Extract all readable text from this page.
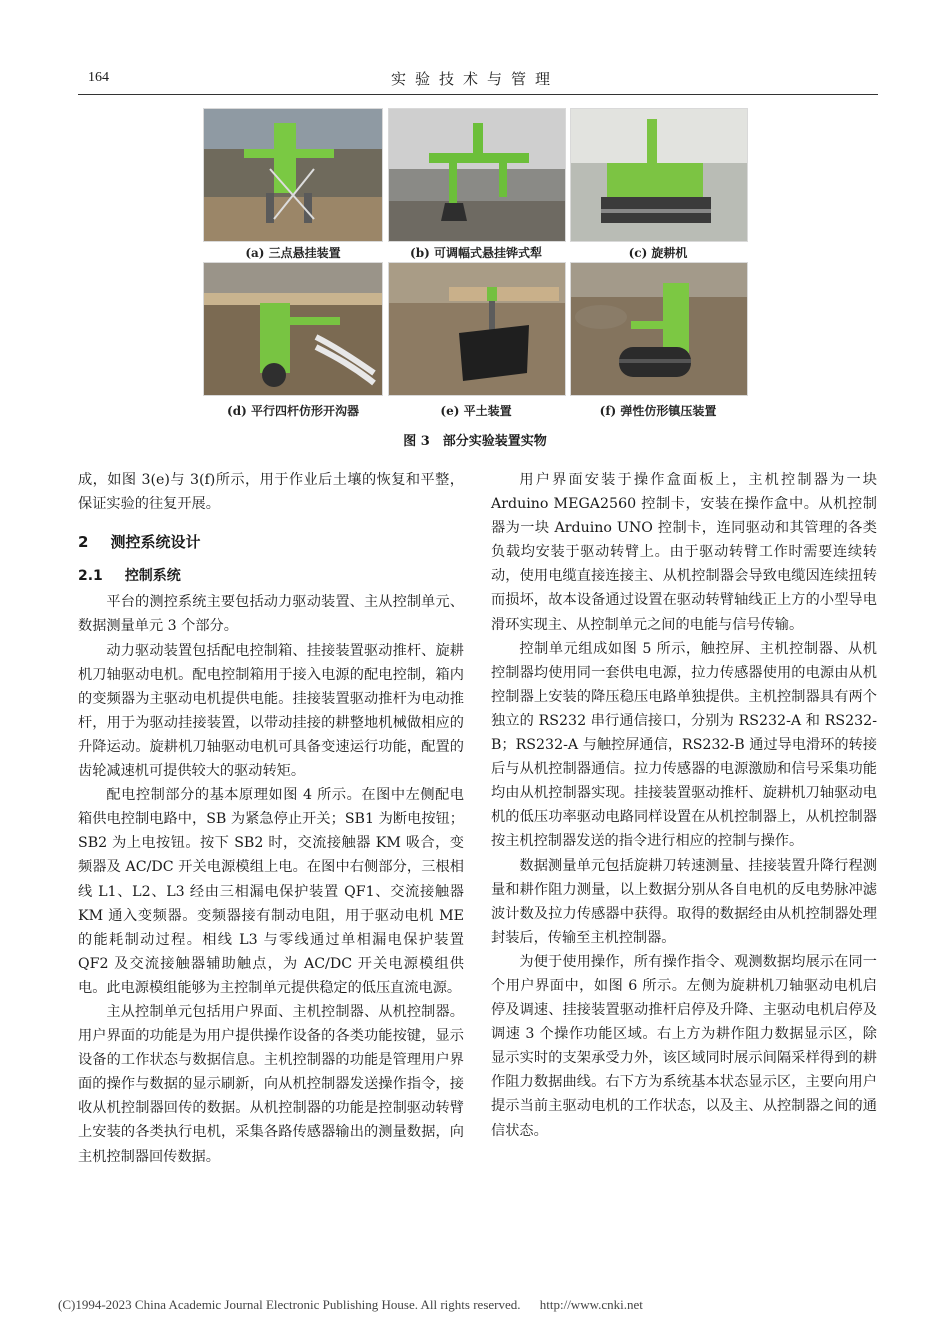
164	实验技术与管理
(a) 三点悬挂装置	(b) 可调幅式悬挂铧式犁	(c) 旋耕机
(d) 平行四杆仿形开沟器	(e) 平土装置	(f) 弹性仿形镇压装置
图 3　部分实验装置实物

成，如图 3(e)与 3(f)所示，用于作业后土壤的恢复和平整，保证实验的往复开展。

2 测控系统设计
2.1 控制系统

平台的测控系统主要包括动力驱动装置、主从控制单元、数据测量单元 3 个部分。

动力驱动装置包括配电控制箱、挂接装置驱动推杆、旋耕机刀轴驱动电机。配电控制箱用于接入电源的配电控制，箱内的变频器为主驱动电机提供电能。挂接装置驱动推杆为电动推杆，用于为驱动挂接装置，以带动挂接的耕整地机械做相应的升降运动。旋耕机刀轴驱动电机可具备变速运行功能，配置的齿轮减速机可提供较大的驱动转矩。

配电控制部分的基本原理如图 4 所示。在图中左侧配电箱供电控制电路中，SB 为紧急停止开关；SB1 为断电按钮；SB2 为上电按钮。按下 SB2 时，交流接触器 KM 吸合，变频器及 AC/DC 开关电源模组上电。在图中右侧部分，三根相线 L1、L2、L3 经由三相漏电保护装置 QF1、交流接触器 KM 通入变频器。变频器接有制动电阻，用于驱动电机 ME 的能耗制动过程。相线 L3 与零线通过单相漏电保护装置 QF2 及交流接触器辅助触点，为 AC/DC 开关电源模组供电。此电源模组能够为主控制单元提供稳定的低压直流电源。

主从控制单元包括用户界面、主机控制器、从机控制器。用户界面的功能是为用户提供操作设备的各类功能按键，显示设备的工作状态与数据信息。主机控制器的功能是管理用户界面的操作与数据的显示刷新，向从机控制器发送操作指令，接收从机控制器回传的数据。从机控制器的功能是控制驱动转臂上安装的各类执行电机，采集各路传感器输出的测量数据，向主机控制器回传数据。

用户界面安装于操作盒面板上，主机控制器为一块 Arduino MEGA2560 控制卡，安装在操作盒中。从机控制器为一块 Arduino UNO 控制卡，连同驱动和其管理的各类负载均安装于驱动转臂上。由于驱动转臂工作时需要连续转动，使用电缆直接连接主、从机控制器会导致电缆因连续扭转而损坏，故本设备通过设置在驱动转臂轴线正上方的小型导电滑环实现主、从控制单元之间的电能与信号传输。

控制单元组成如图 5 所示，触控屏、主机控制器、从机控制器均使用同一套供电电源，拉力传感器使用的电源由从机控制器上安装的降压稳压电路单独提供。主机控制器具有两个独立的 RS232 串行通信接口，分别为 RS232-A 和 RS232-B；RS232-A 与触控屏通信，RS232-B 通过导电滑环的转接后与从机控制器通信。拉力传感器的电源激励和信号采集功能均由从机控制器实现。挂接装置驱动推杆、旋耕机刀轴驱动电机的低压功率驱动电路同样设置在从机控制器上，从机控制器按主机控制器发送的指令进行相应的控制与操作。

数据测量单元包括旋耕刀转速测量、挂接装置升降行程测量和耕作阻力测量，以上数据分别从各自电机的反电势脉冲滤波计数及拉力传感器中获得。取得的数据经由从机控制器处理封装后，传输至主机控制器。

为便于使用操作，所有操作指令、观测数据均展示在同一个用户界面中，如图 6 所示。左侧为旋耕机刀轴驱动电机启停及调速、挂接装置驱动推杆启停及升降、主驱动电机启停及调速 3 个操作功能区域。右上方为耕作阻力数据显示区，除显示实时的支架承受力外，该区域同时展示间隔采样得到的耕作阻力数据曲线。右下方为系统基本状态显示区，主要向用户提示当前主驱动电机的工作状态，以及主、从控制器之间的通信状态。

(C)1994-2023 China Academic Journal Electronic Publishing House. All rights reserved. http://www.cnki.net
